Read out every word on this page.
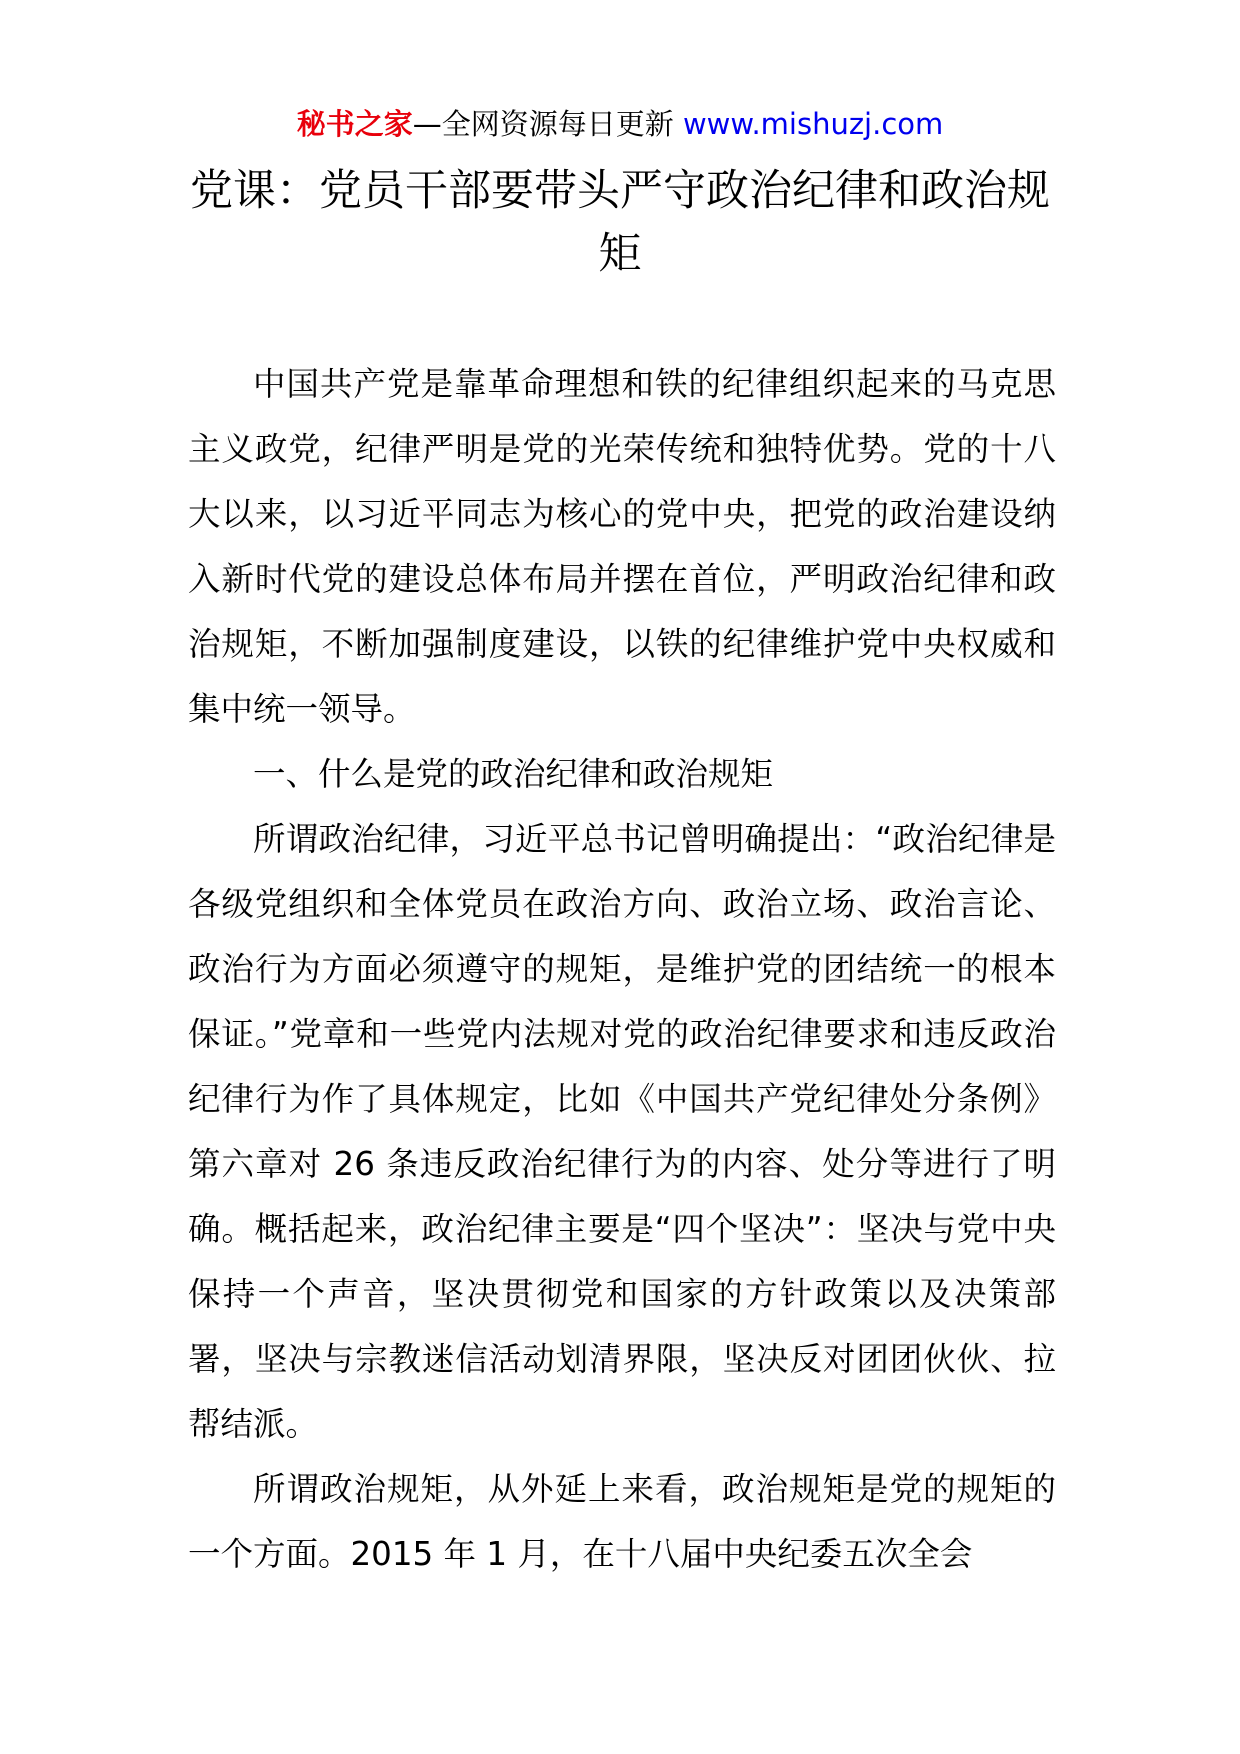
秘书之家—全网资源每日更新 www.mishuzj.com
党课：党员干部要带头严守政治纪律和政治规矩

中国共产党是靠革命理想和铁的纪律组织起来的马克思主义政党，纪律严明是党的光荣传统和独特优势。党的十八大以来，以习近平同志为核心的党中央，把党的政治建设纳入新时代党的建设总体布局并摆在首位，严明政治纪律和政治规矩，不断加强制度建设，以铁的纪律维护党中央权威和集中统一领导。

一、什么是党的政治纪律和政治规矩

所谓政治纪律，习近平总书记曾明确提出：“政治纪律是各级党组织和全体党员在政治方向、政治立场、政治言论、政治行为方面必须遵守的规矩，是维护党的团结统一的根本保证。”党章和一些党内法规对党的政治纪律要求和违反政治纪律行为作了具体规定，比如《中国共产党纪律处分条例》第六章对 26 条违反政治纪律行为的内容、处分等进行了明确。概括起来，政治纪律主要是“四个坚决”：坚决与党中央保持一个声音，坚决贯彻党和国家的方针政策以及决策部署，坚决与宗教迷信活动划清界限，坚决反对团团伙伙、拉帮结派。

所谓政治规矩，从外延上来看，政治规矩是党的规矩的一个方面。2015 年 1 月，在十八届中央纪委五次全会
